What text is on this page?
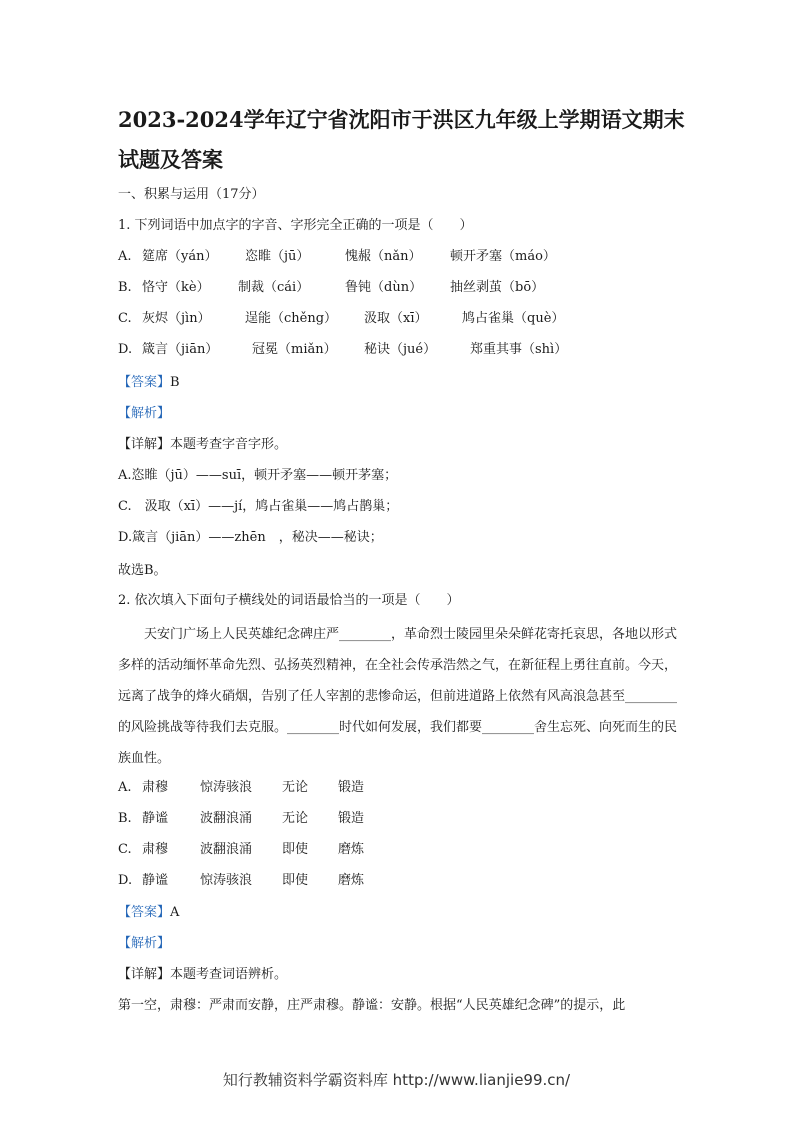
2023-2024学年辽宁省沈阳市于洪区九年级上学期语文期末试题及答案
一、积累与运用（17分）
1. 下列词语中加点字的字音、字形完全正确的一项是（　　）
A. 筵席（yán） 恣睢（jū）	愧赧（nǎn） 顿开矛塞（máo）
B. 恪守（kè） 制裁（cái）	鲁钝（dùn） 抽丝剥茧（bō）
C. 灰烬（jìn）	逞能（chěng） 汲取（xī）	鸠占雀巢（què）
D. 箴言（jiān）	冠冕（miǎn） 秘诀（jué）	郑重其事（shì）
【答案】B
【解析】
【详解】本题考查字音字形。
A.恣睢（jū）——suī，顿开矛塞——顿开茅塞；
C.　汲取（xī）——jí，鸠占雀巢——鸠占鹊巢；
D.箴言（jiān）——zhēn　，秘决——秘诀；
故选B。
2. 依次填入下面句子横线处的词语最恰当的一项是（　　）

天安门广场上人民英雄纪念碑庄严________，革命烈士陵园里朵朵鲜花寄托哀思，各地以形式多样的活动缅怀革命先烈、弘扬英烈精神，在全社会传承浩然之气，在新征程上勇往直前。今天，远离了战争的烽火硝烟，告别了任人宰割的悲惨命运，但前进道路上依然有风高浪急甚至________的风险挑战等待我们去克服。________时代如何发展，我们都要________舍生忘死、向死而生的民族血性。

A. 肃穆 惊涛骇浪 无论 锻造
B. 静谧 波翻浪涌 无论 锻造
C. 肃穆 波翻浪涌 即使 磨炼
D. 静谧 惊涛骇浪 即使 磨炼
【答案】A
【解析】
【详解】本题考查词语辨析。
第一空，肃穆：严肃而安静，庄严肃穆。静谧：安静。根据“人民英雄纪念碑”的提示，此
知行教辅资料学霸资料库 http://www.lianjie99.cn/
